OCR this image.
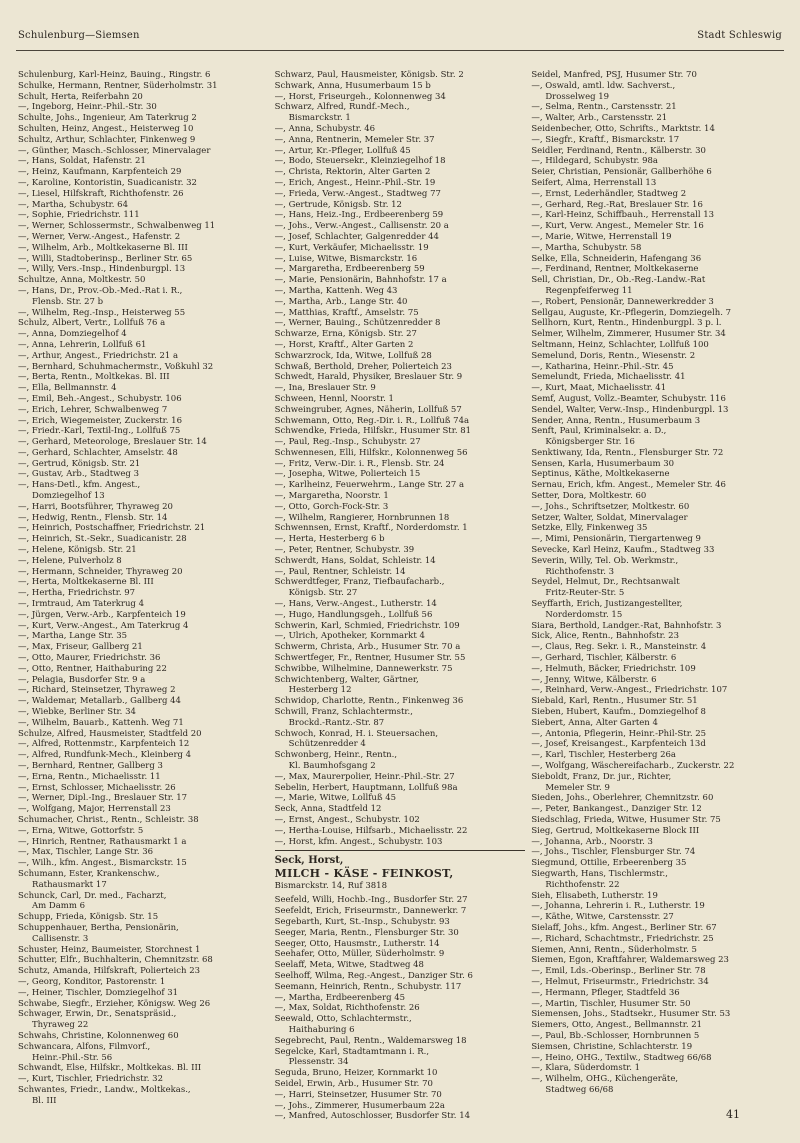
Schulenburg—Siemsen	Stadt Schleswig
Schulenburg, Karl-Heinz, Bauing., Ringstr. 6
Schulke, Hermann, Rentner, Süderholmstr. 31
Schult, Herta, Reiferbahn 20
—, Ingeborg, Heinr.-Phil.-Str. 30
Schulte, Johs., Ingenieur, Am Taterkrug 2
Schulten, Heinz, Angest., Heisterweg 10
Schultz, Arthur, Schlachter, Finkenweg 9
—, Günther, Masch.-Schlosser, Minervalager
—, Hans, Soldat, Hafenstr. 21
—, Heinz, Kaufmann, Karpfenteich 29
—, Karoline, Kontoristin, Suadicanistr. 32
—, Liesel, Hilfskraft, Richthofenstr. 26
—, Martha, Schubystr. 64
—, Sophie, Friedrichstr. 111
—, Werner, Schlossermstr., Schwalbenweg 11
—, Werner, Verw.-Angest., Hafenstr. 2
—, Wilhelm, Arb., Moltkekaserne Bl. III
—, Willi, Stadtoberinsp., Berliner Str. 65
—, Willy, Vers.-Insp., Hindenburgpl. 13
Schultze, Anna, Moltkestr. 50
—, Hans, Dr., Prov.-Ob.-Med.-Rat i. R.,
Flensb. Str. 27 b
—, Wilhelm, Reg.-Insp., Heisterweg 55
Schulz, Albert, Vertr., Lollfuß 76 a
—, Anna, Domziegelhof 4
—, Anna, Lehrerin, Lollfuß 61
—, Arthur, Angest., Friedrichstr. 21 a
—, Bernhard, Schuhmachermstr., Voßkuhl 32
—, Berta, Rentn., Moltkekas. Bl. III
—, Ella, Bellmannstr. 4
—, Emil, Beh.-Angest., Schubystr. 106
—, Erich, Lehrer, Schwalbenweg 7
—, Erich, Wiegemeister, Zuckerstr. 16
—, Friedr.-Karl, Textil-Ing., Lollfuß 75
—, Gerhard, Meteorologe, Breslauer Str. 14
—, Gerhard, Schlachter, Amselstr. 48
—, Gertrud, Königsb. Str. 21
—, Gustav, Arb., Stadtweg 3
—, Hans-Detl., kfm. Angest.,
Domziegelhof 13
—, Harri, Bootsführer, Thyraweg 20
—, Hedwig, Rentn., Flensb. Str. 14
—, Heinrich, Postschaffner, Friedrichstr. 21
—, Heinrich, St.-Sekr., Suadicanistr. 28
—, Helene, Königsb. Str. 21
—, Helene, Pulverholz 8
—, Hermann, Schneider, Thyraweg 20
—, Herta, Moltkekaserne Bl. III
—, Hertha, Friedrichstr. 97
—, Irmtraud, Am Taterkrug 4
—, Jürgen, Verw.-Arb., Karpfenteich 19
—, Kurt, Verw.-Angest., Am Taterkrug 4
—, Martha, Lange Str. 35
—, Max, Friseur, Gallberg 21
—, Otto, Maurer, Friedrichstr. 36
—, Otto, Rentner, Haithaburing 22
—, Pelagia, Busdorfer Str. 9 a
—, Richard, Steinsetzer, Thyraweg 2
—, Waldemar, Metallarb., Gallberg 44
—, Wiebke, Berliner Str. 34
—, Wilhelm, Bauarb., Kattenh. Weg 71
Schulze, Alfred, Hausmeister, Stadtfeld 20
—, Alfred, Rottenmstr., Karpfenteich 12
—, Alfred, Rundfunk-Mech., Kleinberg 4
—, Bernhard, Rentner, Gallberg 3
—, Erna, Rentn., Michaelisstr. 11
—, Ernst, Schlosser, Michaelisstr. 26
—, Werner, Dipl.-Ing., Breslauer Str. 17
—, Wolfgang, Major, Herrenstall 23
Schumacher, Christ., Rentn., Schleistr. 38
—, Erna, Witwe, Gottorfstr. 5
—, Hinrich, Rentner, Rathausmarkt 1 a
—, Max, Tischler, Lange Str. 36
—, Wilh., kfm. Angest., Bismarckstr. 15
Schumann, Ester, Krankenschw.,
Rathausmarkt 17
Schunck, Carl, Dr. med., Facharzt,
Am Damm 6
Schupp, Frieda, Königsb. Str. 15
Schuppenhauer, Bertha, Pensionärin,
Callisenstr. 3
Schuster, Heinz, Baumeister, Storchnest 1
Schutter, Elfr., Buchhalterin, Chemnitzstr. 68
Schutz, Amanda, Hilfskraft, Polierteich 23
—, Georg, Konditor, Pastorenstr. 1
—, Heiner, Tischler, Domziegelhof 31
Schwabe, Siegfr., Erzieher, Königsw. Weg 26
Schwager, Erwin, Dr., Senatspräsid.,
Thyraweg 22
Schwahs, Christine, Kolonnenweg 60
Schwancara, Alfons, Filmvorf.,
Heinr.-Phil.-Str. 56
Schwandt, Else, Hilfskr., Moltkekas. Bl. III
—, Kurt, Tischler, Friedrichstr. 32
Schwantes, Friedr., Landw., Moltkekas.,
Bl. III
Schwarz, Paul, Hausmeister, Königsb. Str. 2
Schwark, Anna, Husumerbaum 15 b
—, Horst, Friseurgeh., Kolonnenweg 34
Schwarz, Alfred, Rundf.-Mech.,
Bismarckstr. 1
—, Anna, Schubystr. 46
—, Anna, Rentnerin, Memeler Str. 37
—, Artur, Kr.-Pfleger, Lollfuß 45
—, Bodo, Steuersekr., Kleinziegelhof 18
—, Christa, Rektorin, Alter Garten 2
—, Erich, Angest., Heinr.-Phil.-Str. 19
—, Frieda, Verw.-Angest., Stadtweg 77
—, Gertrude, Königsb. Str. 12
—, Hans, Heiz.-Ing., Erdbeerenberg 59
—, Johs., Verw.-Angest., Callisenstr. 20 a
—, Josef, Schlachter, Galgenredder 44
—, Kurt, Verkäufer, Michaelisstr. 19
—, Luise, Witwe, Bismarckstr. 16
—, Margaretha, Erdbeerenberg 59
—, Marie, Pensionärin, Bahnhofstr. 17 a
—, Martha, Kattenh. Weg 43
—, Martha, Arb., Lange Str. 40
—, Matthias, Kraftf., Amselstr. 75
—, Werner, Bauing., Schützenredder 8
Schwarze, Erna, Königsb. Str. 27
—, Horst, Kraftf., Alter Garten 2
Schwarzrock, Ida, Witwe, Lollfuß 28
Schwaß, Berthold, Dreher, Polierteich 23
Schwedt, Harald, Physiker, Breslauer Str. 9
—, Ina, Breslauer Str. 9
Schween, Hennl, Noorstr. 1
Schweingruber, Agnes, Näherin, Lollfuß 57
Schwemann, Otto, Reg.-Dir. i. R., Lollfuß 74a
Schwendke, Frieda, Hilfskr., Husumer Str. 81
—, Paul, Reg.-Insp., Schubystr. 27
Schwennesen, Elli, Hilfskr., Kolonnenweg 56
—, Fritz, Verw.-Dir. i. R., Flensb. Str. 24
—, Josepha, Witwe, Polierteich 15
—, Karlheinz, Feuerwehrm., Lange Str. 27 a
—, Margaretha, Noorstr. 1
—, Otto, Gorch-Fock-Str. 3
—, Wilhelm, Rangierer, Hornbrunnen 18
Schwennsen, Ernst, Kraftf., Norderdomstr. 1
—, Herta, Hesterberg 6 b
—, Peter, Rentner, Schubystr. 39
Schwerdt, Hans, Soldat, Schleistr. 14
—, Paul, Rentner, Schleistr. 14
Schwerdtfeger, Franz, Tiefbaufacharb.,
Königsb. Str. 27
—, Hans, Verw.-Angest., Lutherstr. 14
—, Hugo, Handlungsgeh., Lollfuß 56
Schwerin, Karl, Schmied, Friedrichstr. 109
—, Ulrich, Apotheker, Kornmarkt 4
Schwerm, Christa, Arb., Husumer Str. 70 a
Schwertfeger, Fr., Rentner, Husumer Str. 55
Schwibbe, Wilhelmine, Dannewerkstr. 75
Schwichtenberg, Walter, Gärtner,
Hesterberg 12
Schwidop, Charlotte, Rentn., Finkenweg 36
Schwill, Franz, Schlachtermstr.,
Brockd.-Rantz.-Str. 87
Schwoch, Konrad, H. i. Steuersachen,
Schützenredder 4
Schwonberg, Heinr., Rentn.,
Kl. Baumhofsgang 2
—, Max, Maurerpolier, Heinr.-Phil.-Str. 27
Sebelin, Herbert, Hauptmann, Lollfuß 98a
—, Marie, Witwe, Lollfuß 45
Seck, Anna, Stadtfeld 12
—, Ernst, Angest., Schubystr. 102
—, Hertha-Louise, Hilfsarb., Michaelisstr. 22
—, Horst, kfm. Angest., Schubystr. 103
Seck, Horst,
MILCH - KÄSE - FEINKOST,
Bismarckstr. 14, Ruf 3818
Seefeld, Willi, Hochb.-Ing., Busdorfer Str. 27
Seefeldt, Erich, Friseurmstr., Dannewerkr. 7
Segebarth, Kurt, St.-Insp., Schubystr. 93
Seeger, Maria, Rentn., Flensburger Str. 30
Seeger, Otto, Hausmstr., Lutherstr. 14
Seehafer, Otto, Müller, Süderholmstr. 9
Seelaff, Meta, Witwe, Stadtweg 48
Seelhoff, Wilma, Reg.-Angest., Danziger Str. 6
Seemann, Heinrich, Rentn., Schubystr. 117
—, Martha, Erdbeerenberg 45
—, Max, Soldat, Richthofenstr. 26
Seewald, Otto, Schlachtermstr.,
Haithaburing 6
Segebrecht, Paul, Rentn., Waldemarsweg 18
Segelcke, Karl, Stadtamtmann i. R.,
Plessenstr. 34
Seguda, Bruno, Heizer, Kornmarkt 10
Seidel, Erwin, Arb., Husumer Str. 70
—, Harri, Steinsetzer, Husumer Str. 70
—, Johs., Zimmerer, Husumerbaum 22a
—, Manfred, Autoschlosser, Busdorfer Str. 14
Seidel, Manfred, PSJ, Husumer Str. 70
—, Oswald, amtl. ldw. Sachverst.,
Drosselweg 19
—, Selma, Rentn., Carstensstr. 21
—, Walter, Arb., Carstensstr. 21
Seidenbecher, Otto, Schrifts., Marktstr. 14
—, Siegfr., Kraftf., Bismarckstr. 17
Seidler, Ferdinand, Rentn., Kälberstr. 30
—, Hildegard, Schubystr. 98a
Seier, Christian, Pensionär, Gallberhöhe 6
Seifert, Alma, Herrenstall 13
—, Ernst, Lederhändler, Stadtweg 2
—, Gerhard, Reg.-Rat, Breslauer Str. 16
—, Karl-Heinz, Schiffbauh., Herrenstall 13
—, Kurt, Verw. Angest., Memeler Str. 16
—, Marie, Witwe, Herrenstall 19
—, Martha, Schubystr. 58
Selke, Ella, Schneiderin, Hafengang 36
—, Ferdinand, Rentner, Moltkekaserne
Sell, Christian, Dr., Ob.-Reg.-Landw.-Rat
Regenpfeiferweg 11
—, Robert, Pensionär, Dannewerkredder 3
Sellgau, Auguste, Kr.-Pflegerin, Domziegelh. 7
Sellhorn, Kurt, Rentn., Hindenburgpl. 3 p. l.
Selmer, Wilhelm, Zimmerer, Husumer Str. 34
Seltmann, Heinz, Schlachter, Lollfuß 100
Semelund, Doris, Rentn., Wiesenstr. 2
—, Katharina, Heinr.-Phil.-Str. 45
Semelundt, Frieda, Michaelisstr. 41
—, Kurt, Maat, Michaelisstr. 41
Semf, August, Vollz.-Beamter, Schubystr. 116
Sendel, Walter, Verw.-Insp., Hindenburgpl. 13
Sender, Anna, Rentn., Husumerbaum 3
Senft, Paul, Kriminalsekr. a. D.,
Königsberger Str. 16
Senktiwany, Ida, Rentn., Flensburger Str. 72
Sensen, Karla, Husumerbaum 30
Septinus, Käthe, Moltkekaserne
Sernau, Erich, kfm. Angest., Memeler Str. 46
Setter, Dora, Moltkestr. 60
—, Johs., Schriftsetzer, Moltkestr. 60
Setzer, Walter, Soldat, Minervalager
Setzke, Elly, Finkenweg 35
—, Mimi, Pensionärin, Tiergartenweg 9
Sevecke, Karl Heinz, Kaufm., Stadtweg 33
Severin, Willy, Tel. Ob. Werkmstr.,
Richthofenstr. 3
Seydel, Helmut, Dr., Rechtsanwalt
Fritz-Reuter-Str. 5
Seyffarth, Erich, Justizangestellter,
Norderdomstr. 15
Siara, Berthold, Landger.-Rat, Bahnhofstr. 3
Sick, Alice, Rentn., Bahnhofstr. 23
—, Claus, Reg. Sekr. i. R., Mansteinstr. 4
—, Gerhard, Tischler, Kälberstr. 6
—, Helmuth, Bäcker, Friedrichstr. 109
—, Jenny, Witwe, Kälberstr. 6
—, Reinhard, Verw.-Angest., Friedrichstr. 107
Siebald, Karl, Rentn., Husumer Str. 51
Sieben, Hubert, Kaufm., Domziegelhof 8
Siebert, Anna, Alter Garten 4
—, Antonia, Pflegerin, Heinr.-Phil-Str. 25
—, Josef, Kreisangest., Karpfenteich 13d
—, Karl, Tischler, Hesterberg 26a
—, Wolfgang, Wäschereifacharb., Zuckerstr. 22
Sieboldt, Franz, Dr. jur., Richter,
Memeler Str. 9
Sieden, Johs., Oberlehrer, Chemnitzstr. 60
—, Peter, Bankangest., Danziger Str. 12
Siedschlag, Frieda, Witwe, Husumer Str. 75
Sieg, Gertrud, Moltkekaserne Block III
—, Johanna, Arb., Noorstr. 3
—, Johs., Tischler, Flensburger Str. 74
Siegmund, Ottilie, Erbeerenberg 35
Siegwarth, Hans, Tischlermstr.,
Richthofenstr. 22
Sieh, Elisabeth, Lutherstr. 19
—, Johanna, Lehrerin i. R., Lutherstr. 19
—, Käthe, Witwe, Carstensstr. 27
Sielaff, Johs., kfm. Angest., Berliner Str. 67
—, Richard, Schachtmstr., Friedrichstr. 25
Siemen, Anni, Rentn., Süderholmstr. 5
Siemen, Egon, Kraftfahrer, Waldemarsweg 23
—, Emil, Lds.-Oberinsp., Berliner Str. 78
—, Helmut, Friseurmstr., Friedrichstr. 34
—, Hermann, Pfleger, Stadtfeld 36
—, Martin, Tischler, Husumer Str. 50
Siemensen, Johs., Stadtsekr., Husumer Str. 53
Siemers, Otto, Angest., Bellmannstr. 21
—, Paul, Bb.-Schlosser, Hornbrunnen 5
Siemsen, Christine, Schlachterstr. 19
—, Heino, OHG., Textilw., Stadtweg 66/68
—, Klara, Süderdomstr. 1
—, Wilhelm, OHG., Küchengeräte,
Stadtweg 66/68
41
